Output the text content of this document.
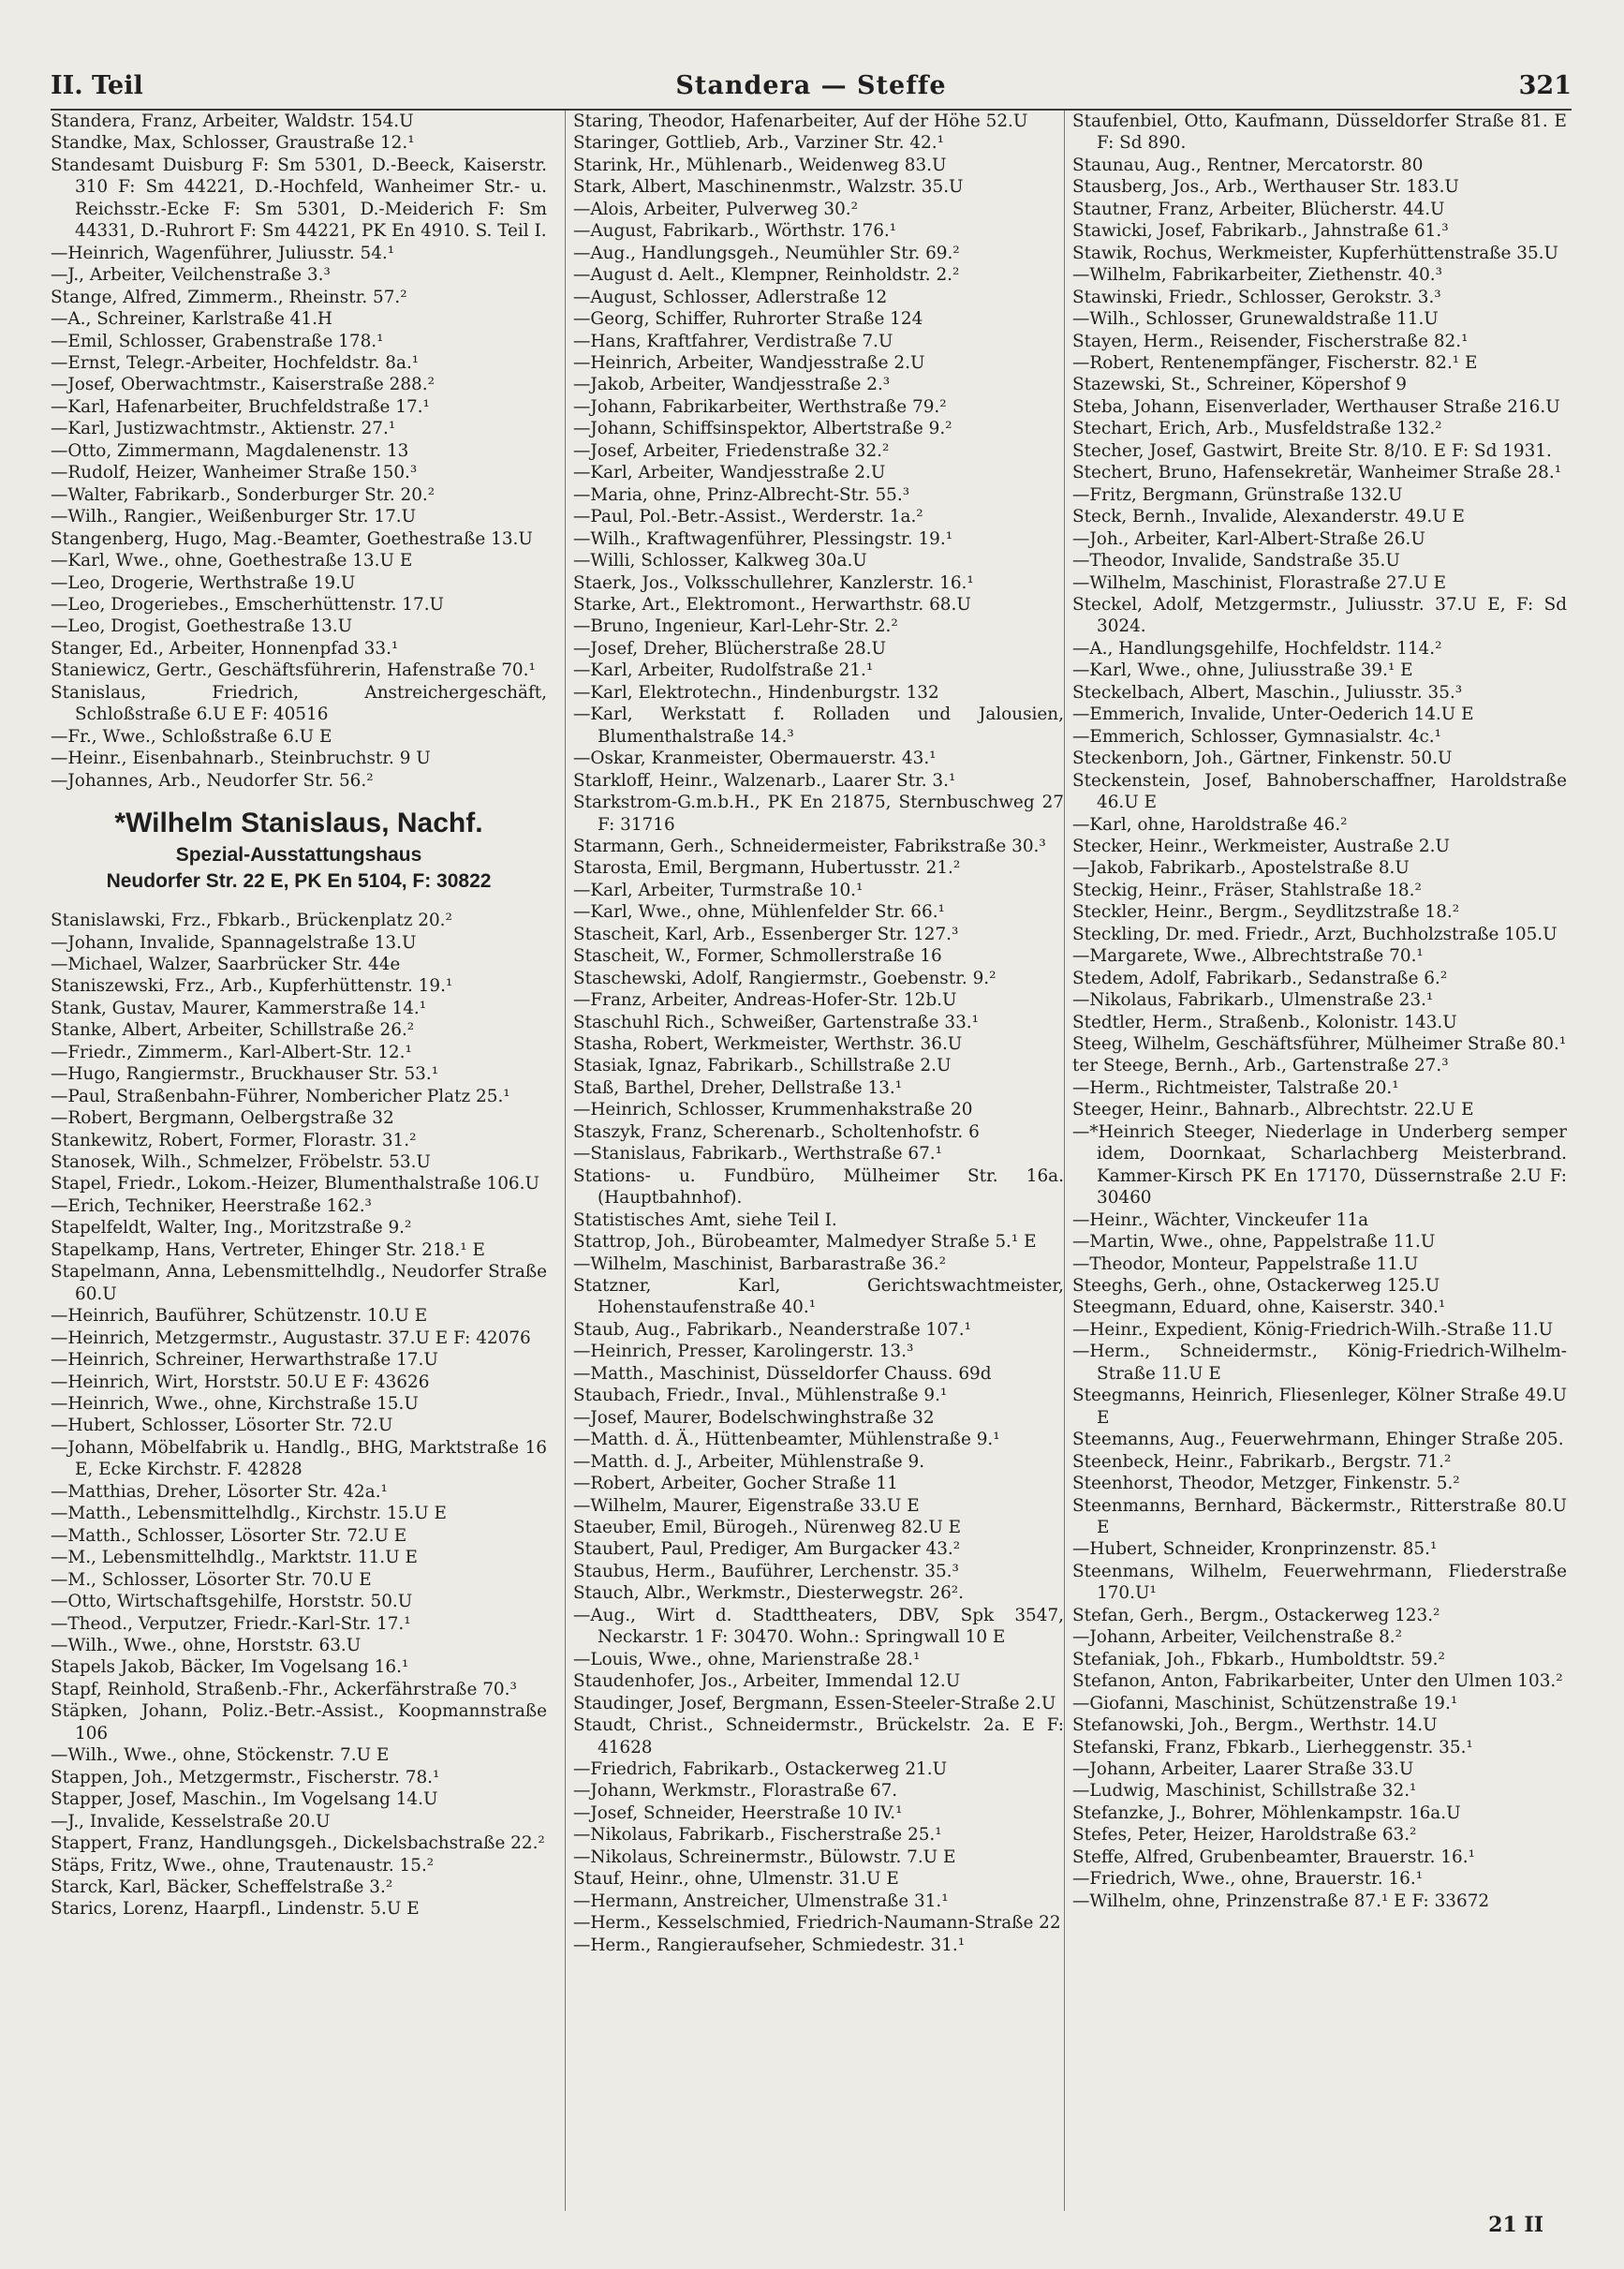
II. Teil	Standera — Steffe	321
Standera, Franz, Arbeiter, Waldstr. 154.U
Standke, Max, Schlosser, Graustraße 12.¹
Standesamt Duisburg F: Sm 5301, D.-Beeck, Kaiserstr. 310 F: Sm 44221, D.-Hochfeld, Wanheimer Str.- u. Reichsstr.-Ecke F: Sm 5301, D.-Meiderich F: Sm 44331, D.-Ruhrort F: Sm 44221, PK En 4910. S. Teil I.
—Heinrich, Wagenführer, Juliusstr. 54.¹
—J., Arbeiter, Veilchenstraße 3.³
Stange, Alfred, Zimmerm., Rheinstr. 57.²
—A., Schreiner, Karlstraße 41.H
—Emil, Schlosser, Grabenstraße 178.¹
—Ernst, Telegr.-Arbeiter, Hochfeldstr. 8a.¹
—Josef, Oberwachtmstr., Kaiserstraße 288.²
—Karl, Hafenarbeiter, Bruchfeldstraße 17.¹
—Karl, Justizwachtmstr., Aktienstr. 27.¹
—Otto, Zimmermann, Magdalenenstr. 13
—Rudolf, Heizer, Wanheimer Straße 150.³
—Walter, Fabrikarb., Sonderburger Str. 20.²
—Wilh., Rangier., Weißenburger Str. 17.U
Stangenberg, Hugo, Mag.-Beamter, Goethestraße 13.U
—Karl, Wwe., ohne, Goethestraße 13.U E
—Leo, Drogerie, Werthstraße 19.U
—Leo, Drogeriebes., Emscherhüttenstr. 17.U
—Leo, Drogist, Goethestraße 13.U
Stanger, Ed., Arbeiter, Honnenpfad 33.¹
Staniewicz, Gertr., Geschäftsführerin, Hafenstraße 70.¹
Stanislaus, Friedrich, Anstreichergeschäft, Schloßstraße 6.U E F: 40516
—Fr., Wwe., Schloßstraße 6.U E
—Heinr., Eisenbahnarb., Steinbruchstr. 9 U
—Johannes, Arb., Neudorfer Str. 56.²
*Wilhelm Stanislaus, Nachf.
Spezial-Ausstattungshaus
Neudorfer Str. 22 E, PK En 5104, F: 30822
Stanislawski, Frz., Fbkarb., Brückenplatz 20.²
—Johann, Invalide, Spannagelstraße 13.U
—Michael, Walzer, Saarbrücker Str. 44e
Staniszewski, Frz., Arb., Kupferhüttenstr. 19.¹
Stank, Gustav, Maurer, Kammerstraße 14.¹
Stanke, Albert, Arbeiter, Schillstraße 26.²
—Friedr., Zimmerm., Karl-Albert-Str. 12.¹
—Hugo, Rangiermstr., Bruckhauser Str. 53.¹
—Paul, Straßenbahn-Führer, Nombericher Platz 25.¹
—Robert, Bergmann, Oelbergstraße 32
Stankewitz, Robert, Former, Florastr. 31.²
Stanosek, Wilh., Schmelzer, Fröbelstr. 53.U
Stapel, Friedr., Lokom.-Heizer, Blumenthalstraße 106.U
—Erich, Techniker, Heerstraße 162.³
Stapelfeldt, Walter, Ing., Moritzstraße 9.²
Stapelkamp, Hans, Vertreter, Ehinger Str. 218.¹ E
Stapelmann, Anna, Lebensmittelhdlg., Neudorfer Straße 60.U
—Heinrich, Bauführer, Schützenstr. 10.U E
—Heinrich, Metzgermstr., Augustastr. 37.U E F: 42076
—Heinrich, Schreiner, Herwarthstraße 17.U
—Heinrich, Wirt, Horststr. 50.U E F: 43626
—Heinrich, Wwe., ohne, Kirchstraße 15.U
—Hubert, Schlosser, Lösorter Str. 72.U
—Johann, Möbelfabrik u. Handlg., BHG, Marktstraße 16 E, Ecke Kirchstr. F. 42828
—Matthias, Dreher, Lösorter Str. 42a.¹
—Matth., Lebensmittelhdlg., Kirchstr. 15.U E
—Matth., Schlosser, Lösorter Str. 72.U E
—M., Lebensmittelhdlg., Marktstr. 11.U E
—M., Schlosser, Lösorter Str. 70.U E
—Otto, Wirtschaftsgehilfe, Horststr. 50.U
—Theod., Verputzer, Friedr.-Karl-Str. 17.¹
—Wilh., Wwe., ohne, Horststr. 63.U
Stapels Jakob, Bäcker, Im Vogelsang 16.¹
Stapf, Reinhold, Straßenb.-Fhr., Ackerfährstraße 70.³
Stäpken, Johann, Poliz.-Betr.-Assist., Koopmannstraße 106
—Wilh., Wwe., ohne, Stöckenstr. 7.U E
Stappen, Joh., Metzgermstr., Fischerstr. 78.¹
Stapper, Josef, Maschin., Im Vogelsang 14.U
—J., Invalide, Kesselstraße 20.U
Stappert, Franz, Handlungsgeh., Dickelsbachstraße 22.²
Stäps, Fritz, Wwe., ohne, Trautenaustr. 15.²
Starck, Karl, Bäcker, Scheffelstraße 3.²
Starics, Lorenz, Haarpfl., Lindenstr. 5.U E
Staring, Theodor, Hafenarbeiter, Auf der Höhe 52.U
Staringer, Gottlieb, Arb., Varziner Str. 42.¹
Starink, Hr., Mühlenarb., Weidenweg 83.U
Stark, Albert, Maschinenmstr., Walzstr. 35.U
—Alois, Arbeiter, Pulverweg 30.²
—August, Fabrikarb., Wörthstr. 176.¹
—Aug., Handlungsgeh., Neumühler Str. 69.²
—August d. Aelt., Klempner, Reinholdstr. 2.²
—August, Schlosser, Adlerstraße 12
—Georg, Schiffer, Ruhrorter Straße 124
—Hans, Kraftfahrer, Verdistraße 7.U
—Heinrich, Arbeiter, Wandjesstraße 2.U
—Jakob, Arbeiter, Wandjesstraße 2.³
—Johann, Fabrikarbeiter, Werthstraße 79.²
—Johann, Schiffsinspektor, Albertstraße 9.²
—Josef, Arbeiter, Friedenstraße 32.²
—Karl, Arbeiter, Wandjesstraße 2.U
—Maria, ohne, Prinz-Albrecht-Str. 55.³
—Paul, Pol.-Betr.-Assist., Werderstr. 1a.²
—Wilh., Kraftwagenführer, Plessingstr. 19.¹
—Willi, Schlosser, Kalkweg 30a.U
Staerk, Jos., Volksschullehrer, Kanzlerstr. 16.¹
Starke, Art., Elektromont., Herwarthstr. 68.U
—Bruno, Ingenieur, Karl-Lehr-Str. 2.²
—Josef, Dreher, Blücherstraße 28.U
—Karl, Arbeiter, Rudolfstraße 21.¹
—Karl, Elektrotechn., Hindenburgstr. 132
—Karl, Werkstatt f. Rolladen und Jalousien, Blumenthalstraße 14.³
—Oskar, Kranmeister, Obermauerstr. 43.¹
Starkloff, Heinr., Walzenarb., Laarer Str. 3.¹
Starkstrom-G.m.b.H., PK En 21875, Sternbuschweg 27 F: 31716
Starmann, Gerh., Schneidermeister, Fabrikstraße 30.³
Starosta, Emil, Bergmann, Hubertusstr. 21.²
—Karl, Arbeiter, Turmstraße 10.¹
—Karl, Wwe., ohne, Mühlenfelder Str. 66.¹
Stascheit, Karl, Arb., Essenberger Str. 127.³
Stascheit, W., Former, Schmollerstraße 16
Staschewski, Adolf, Rangiermstr., Goebenstr. 9.²
—Franz, Arbeiter, Andreas-Hofer-Str. 12b.U
Staschuhl Rich., Schweißer, Gartenstraße 33.¹
Stasha, Robert, Werkmeister, Werthstr. 36.U
Stasiak, Ignaz, Fabrikarb., Schillstraße 2.U
Staß, Barthel, Dreher, Dellstraße 13.¹
—Heinrich, Schlosser, Krummenhakstraße 20
Staszyk, Franz, Scherenarb., Scholtenhofstr. 6
—Stanislaus, Fabrikarb., Werthstraße 67.¹
Stations- u. Fundbüro, Mülheimer Str. 16a. (Hauptbahnhof).
Statistisches Amt, siehe Teil I.
Stattrop, Joh., Bürobeamter, Malmedyer Straße 5.¹ E
—Wilhelm, Maschinist, Barbarastraße 36.²
Statzner, Karl, Gerichtswachtmeister, Hohenstaufenstraße 40.¹
Staub, Aug., Fabrikarb., Neanderstraße 107.¹
—Heinrich, Presser, Karolingerstr. 13.³
—Matth., Maschinist, Düsseldorfer Chauss. 69d
Staubach, Friedr., Inval., Mühlenstraße 9.¹
—Josef, Maurer, Bodelschwinghstraße 32
—Matth. d. Ä., Hüttenbeamter, Mühlenstraße 9.¹
—Matth. d. J., Arbeiter, Mühlenstraße 9.
—Robert, Arbeiter, Gocher Straße 11
—Wilhelm, Maurer, Eigenstraße 33.U E
Staeuber, Emil, Bürogeh., Nürenweg 82.U E
Staubert, Paul, Prediger, Am Burgacker 43.²
Staubus, Herm., Bauführer, Lerchenstr. 35.³
Stauch, Albr., Werkmstr., Diesterwegstr. 26².
—Aug., Wirt d. Stadttheaters, DBV, Spk 3547, Neckarstr. 1 F: 30470. Wohn.: Springwall 10 E
—Louis, Wwe., ohne, Marienstraße 28.¹
Staudenhofer, Jos., Arbeiter, Immendal 12.U
Staudinger, Josef, Bergmann, Essen-Steeler-Straße 2.U
Staudt, Christ., Schneidermstr., Brückelstr. 2a. E F: 41628
—Friedrich, Fabrikarb., Ostackerweg 21.U
—Johann, Werkmstr., Florastraße 67.
—Josef, Schneider, Heerstraße 10 IV.¹
—Nikolaus, Fabrikarb., Fischerstraße 25.¹
—Nikolaus, Schreinermstr., Bülowstr. 7.U E
Stauf, Heinr., ohne, Ulmenstr. 31.U E
—Hermann, Anstreicher, Ulmenstraße 31.¹
—Herm., Kesselschmied, Friedrich-Naumann-Straße 22
—Herm., Rangieraufseher, Schmiedestr. 31.¹
Staufenbiel, Otto, Kaufmann, Düsseldorfer Straße 81. E F: Sd 890.
Staunau, Aug., Rentner, Mercatorstr. 80
Stausberg, Jos., Arb., Werthauser Str. 183.U
Stautner, Franz, Arbeiter, Blücherstr. 44.U
Stawicki, Josef, Fabrikarb., Jahnstraße 61.³
Stawik, Rochus, Werkmeister, Kupferhüttenstraße 35.U
—Wilhelm, Fabrikarbeiter, Ziethenstr. 40.³
Stawinski, Friedr., Schlosser, Gerokstr. 3.³
—Wilh., Schlosser, Grunewaldstraße 11.U
Stayen, Herm., Reisender, Fischerstraße 82.¹
—Robert, Rentenempfänger, Fischerstr. 82.¹ E
Stazewski, St., Schreiner, Köpershof 9
Steba, Johann, Eisenverlader, Werthauser Straße 216.U
Stechart, Erich, Arb., Musfeldstraße 132.²
Stecher, Josef, Gastwirt, Breite Str. 8/10. E F: Sd 1931.
Stechert, Bruno, Hafensekretär, Wanheimer Straße 28.¹
—Fritz, Bergmann, Grünstraße 132.U
Steck, Bernh., Invalide, Alexanderstr. 49.U E
—Joh., Arbeiter, Karl-Albert-Straße 26.U
—Theodor, Invalide, Sandstraße 35.U
—Wilhelm, Maschinist, Florastraße 27.U E
Steckel, Adolf, Metzgermstr., Juliusstr. 37.U E, F: Sd 3024.
—A., Handlungsgehilfe, Hochfeldstr. 114.²
—Karl, Wwe., ohne, Juliusstraße 39.¹ E
Steckelbach, Albert, Maschin., Juliusstr. 35.³
—Emmerich, Invalide, Unter-Oederich 14.U E
—Emmerich, Schlosser, Gymnasialstr. 4c.¹
Steckenborn, Joh., Gärtner, Finkenstr. 50.U
Steckenstein, Josef, Bahnoberschaffner, Haroldstraße 46.U E
—Karl, ohne, Haroldstraße 46.²
Stecker, Heinr., Werkmeister, Austraße 2.U
—Jakob, Fabrikarb., Apostelstraße 8.U
Steckig, Heinr., Fräser, Stahlstraße 18.²
Steckler, Heinr., Bergm., Seydlitzstraße 18.²
Steckling, Dr. med. Friedr., Arzt, Buchholzstraße 105.U
—Margarete, Wwe., Albrechtstraße 70.¹
Stedem, Adolf, Fabrikarb., Sedanstraße 6.²
—Nikolaus, Fabrikarb., Ulmenstraße 23.¹
Stedtler, Herm., Straßenb., Kolonistr. 143.U
Steeg, Wilhelm, Geschäftsführer, Mülheimer Straße 80.¹
ter Steege, Bernh., Arb., Gartenstraße 27.³
—Herm., Richtmeister, Talstraße 20.¹
Steeger, Heinr., Bahnarb., Albrechtstr. 22.U E
—*Heinrich Steeger, Niederlage in Underberg semper idem, Doornkaat, Scharlachberg Meisterbrand. Kammer-Kirsch PK En 17170, Düssernstraße 2.U F: 30460
—Heinr., Wächter, Vinckeufer 11a
—Martin, Wwe., ohne, Pappelstraße 11.U
—Theodor, Monteur, Pappelstraße 11.U
Steeghs, Gerh., ohne, Ostackerweg 125.U
Steegmann, Eduard, ohne, Kaiserstr. 340.¹
—Heinr., Expedient, König-Friedrich-Wilh.-Straße 11.U
—Herm., Schneidermstr., König-Friedrich-Wilhelm-Straße 11.U E
Steegmanns, Heinrich, Fliesenleger, Kölner Straße 49.U E
Steemanns, Aug., Feuerwehrmann, Ehinger Straße 205.
Steenbeck, Heinr., Fabrikarb., Bergstr. 71.²
Steenhorst, Theodor, Metzger, Finkenstr. 5.²
Steenmanns, Bernhard, Bäckermstr., Ritterstraße 80.U E
—Hubert, Schneider, Kronprinzenstr. 85.¹
Steenmans, Wilhelm, Feuerwehrmann, Fliederstraße 170.U¹
Stefan, Gerh., Bergm., Ostackerweg 123.²
—Johann, Arbeiter, Veilchenstraße 8.²
Stefaniak, Joh., Fbkarb., Humboldtstr. 59.²
Stefanon, Anton, Fabrikarbeiter, Unter den Ulmen 103.²
—Giofanni, Maschinist, Schützenstraße 19.¹
Stefanowski, Joh., Bergm., Werthstr. 14.U
Stefanski, Franz, Fbkarb., Lierheggenstr. 35.¹
—Johann, Arbeiter, Laarer Straße 33.U
—Ludwig, Maschinist, Schillstraße 32.¹
Stefanzke, J., Bohrer, Möhlenkampstr. 16a.U
Stefes, Peter, Heizer, Haroldstraße 63.²
Steffe, Alfred, Grubenbeamter, Brauerstr. 16.¹
—Friedrich, Wwe., ohne, Brauerstr. 16.¹
—Wilhelm, ohne, Prinzenstraße 87.¹ E F: 33672
21 II
